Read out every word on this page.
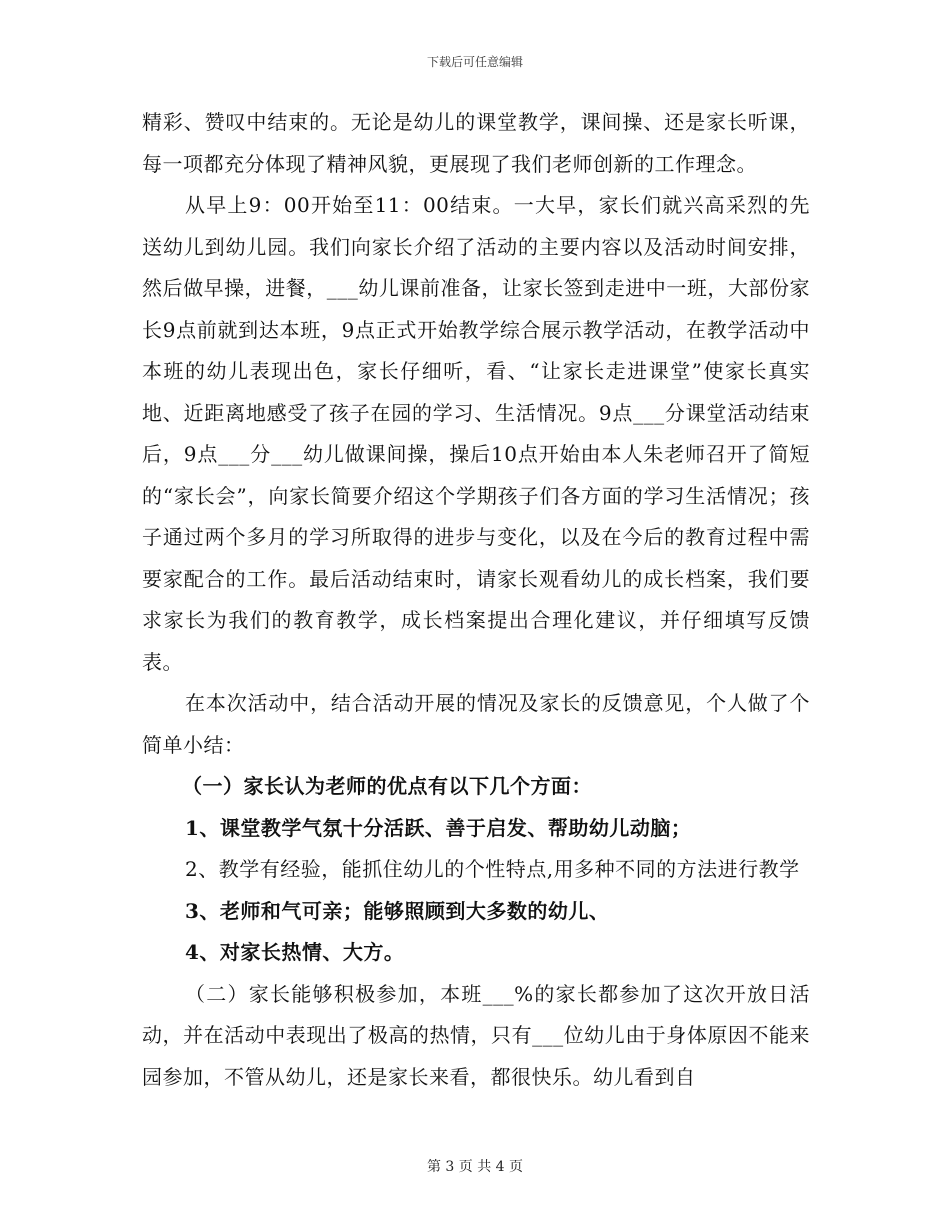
下载后可任意编辑

精彩、赞叹中结束的。无论是幼儿的课堂教学，课间操、还是家长听课，每一项都充分体现了精神风貌，更展现了我们老师创新的工作理念。

从早上9：00开始至11：00结束。一大早，家长们就兴高采烈的先送幼儿到幼儿园。我们向家长介绍了活动的主要内容以及活动时间安排，然后做早操，进餐，___幼儿课前准备，让家长签到走进中一班，大部份家长9点前就到达本班，9点正式开始教学综合展示教学活动，在教学活动中本班的幼儿表现出色，家长仔细听，看、“让家长走进课堂”使家长真实地、近距离地感受了孩子在园的学习、生活情况。9点___分课堂活动结束后，9点___分___幼儿做课间操，操后10点开始由本人朱老师召开了简短的“家长会”，向家长简要介绍这个学期孩子们各方面的学习生活情况；孩子通过两个多月的学习所取得的进步与变化，以及在今后的教育过程中需要家配合的工作。最后活动结束时，请家长观看幼儿的成长档案，我们要求家长为我们的教育教学，成长档案提出合理化建议，并仔细填写反馈表。

在本次活动中，结合活动开展的情况及家长的反馈意见，个人做了个简单小结：

（一）家长认为老师的优点有以下几个方面：

1、课堂教学气氛十分活跃、善于启发、帮助幼儿动脑；

2、教学有经验，能抓住幼儿的个性特点,用多种不同的方法进行教学

3、老师和气可亲；能够照顾到大多数的幼儿、

4、对家长热情、大方。

（二）家长能够积极参加，本班___%的家长都参加了这次开放日活动，并在活动中表现出了极高的热情，只有___位幼儿由于身体原因不能来园参加，不管从幼儿，还是家长来看，都很快乐。幼儿看到自

第 3 页 共 4 页
